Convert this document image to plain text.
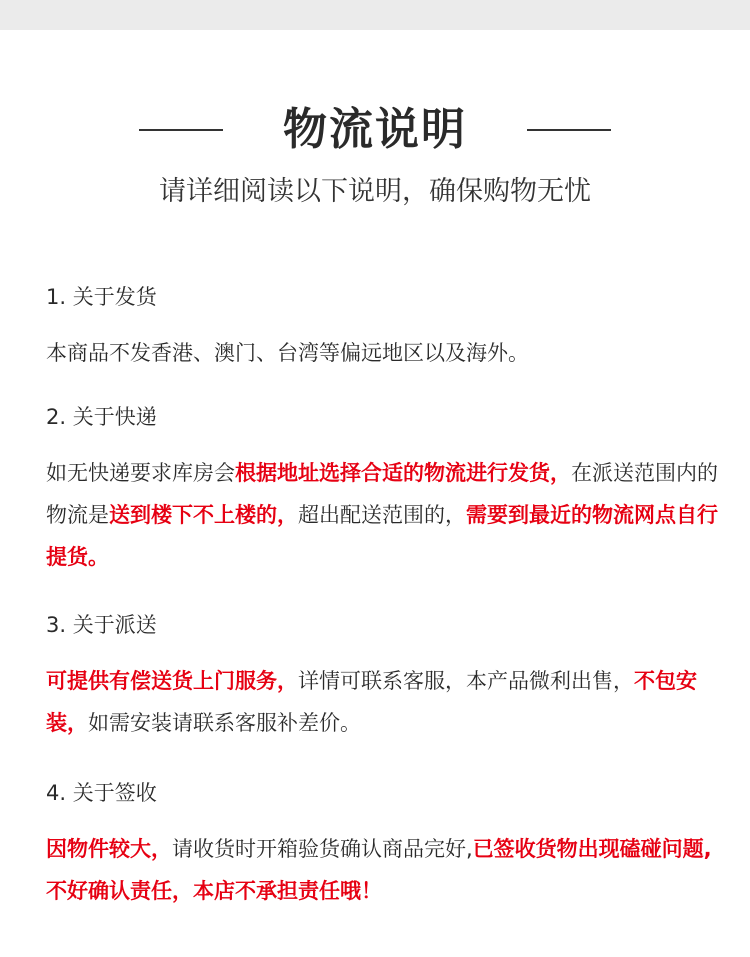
物流说明
请详细阅读以下说明，确保购物无忧
1. 关于发货
本商品不发香港、澳门、台湾等偏远地区以及海外。
2. 关于快递
如无快递要求库房会根据地址选择合适的物流进行发货，在派送范围内的物流是送到楼下不上楼的，超出配送范围的，需要到最近的物流网点自行提货。
3. 关于派送
可提供有偿送货上门服务，详情可联系客服，本产品微利出售，不包安装，如需安装请联系客服补差价。
4. 关于签收
因物件较大，请收货时开箱验货确认商品完好,已签收货物出现磕碰问题,不好确认责任，本店不承担责任哦！
